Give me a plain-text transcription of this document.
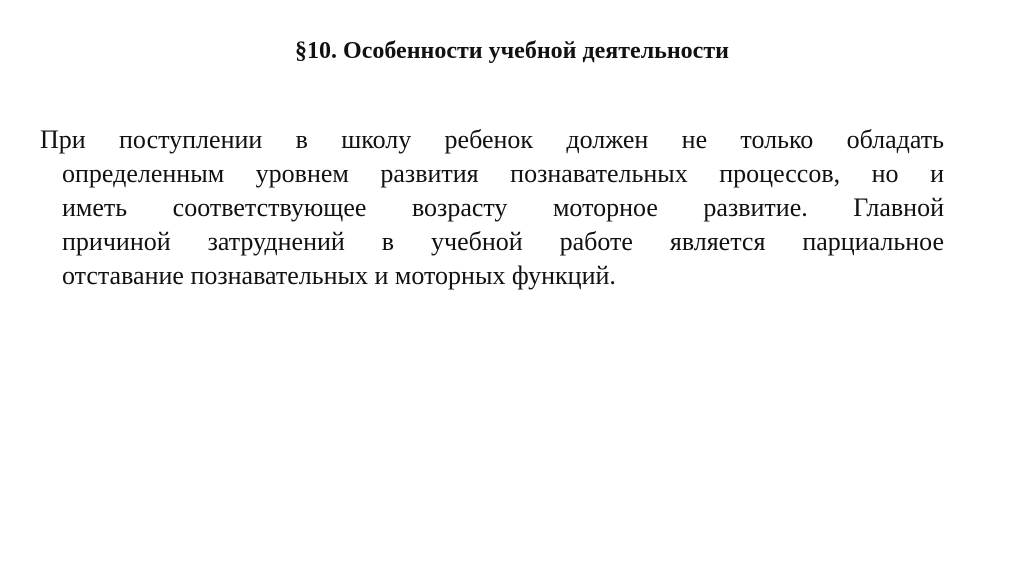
§10. Особенности учебной деятельности
При поступлении в школу ребенок должен не только обладать
определенным уровнем развития познавательных процессов, но и
иметь соответствующее возрасту моторное развитие. Главной
причиной затруднений в учебной работе является парциальное
отставание познавательных и моторных функций.
